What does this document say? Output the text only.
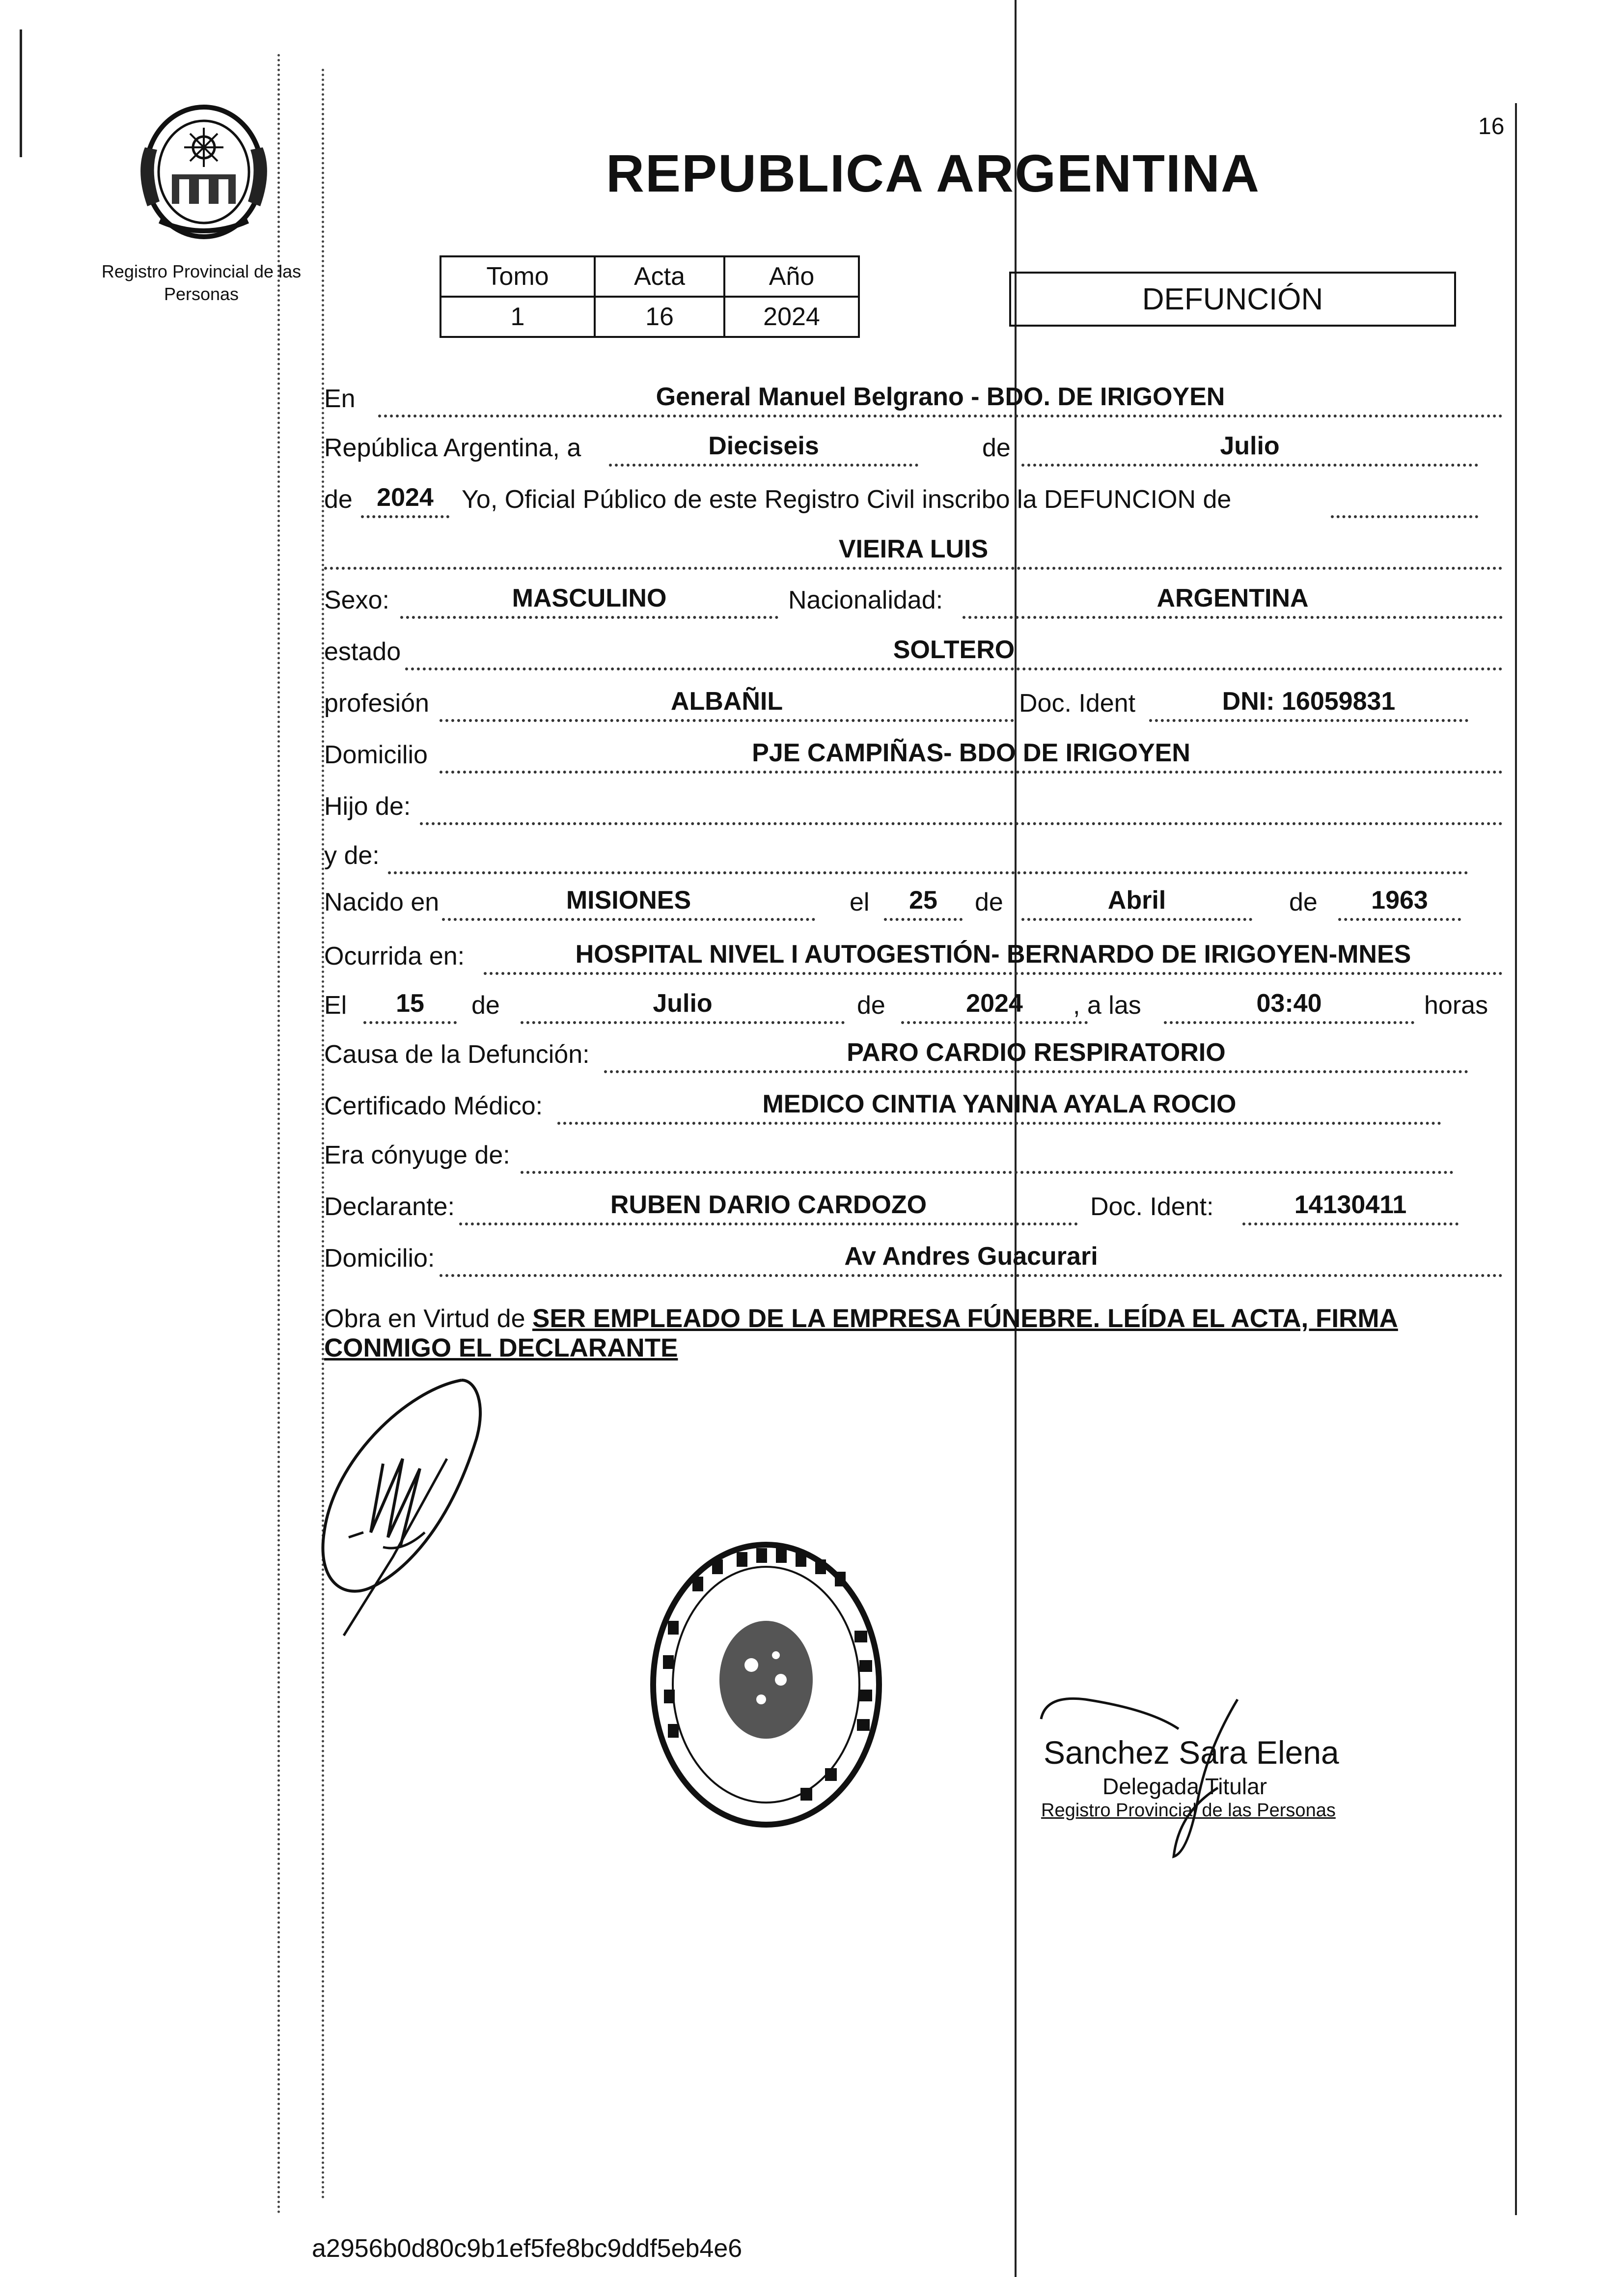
Registro Provincial de las Personas
16
REPUBLICA ARGENTINA
Tomo	Acta	Año
1	16	2024
DEFUNCIÓN
En	General Manuel Belgrano - BDO. DE IRIGOYEN
República Argentina, a	Dieciseis	de	Julio
de 2024	Yo, Oficial Público de este Registro Civil inscribo la DEFUNCION de
VIEIRA LUIS
Sexo:	MASCULINO	Nacionalidad:	ARGENTINA
estado	SOLTERO
profesión	ALBAÑIL	Doc. Ident	DNI: 16059831
Domicilio	PJE CAMPIÑAS- BDO DE IRIGOYEN
Hijo de:
y de:
Nacido en	MISIONES	el	25	de	Abril	de	1963
Ocurrida en:	HOSPITAL NIVEL I AUTOGESTIÓN- BERNARDO DE IRIGOYEN-MNES
El	15	de	Julio	de	2024	, a las	03:40	horas
Causa de la Defunción:	PARO CARDIO RESPIRATORIO
Certificado Médico:	MEDICO CINTIA YANINA AYALA ROCIO
Era cónyuge de:
Declarante:	RUBEN DARIO CARDOZO	Doc. Ident:	14130411
Domicilio:	Av Andres Guacurari
Obra en Virtud de SER EMPLEADO DE LA EMPRESA FÚNEBRE. LEÍDA EL ACTA, FIRMA
CONMIGO EL DECLARANTE
Sanchez Sara Elena
Delegada Titular
Registro Provincial de las Personas
a2956b0d80c9b1ef5fe8bc9ddf5eb4e6
